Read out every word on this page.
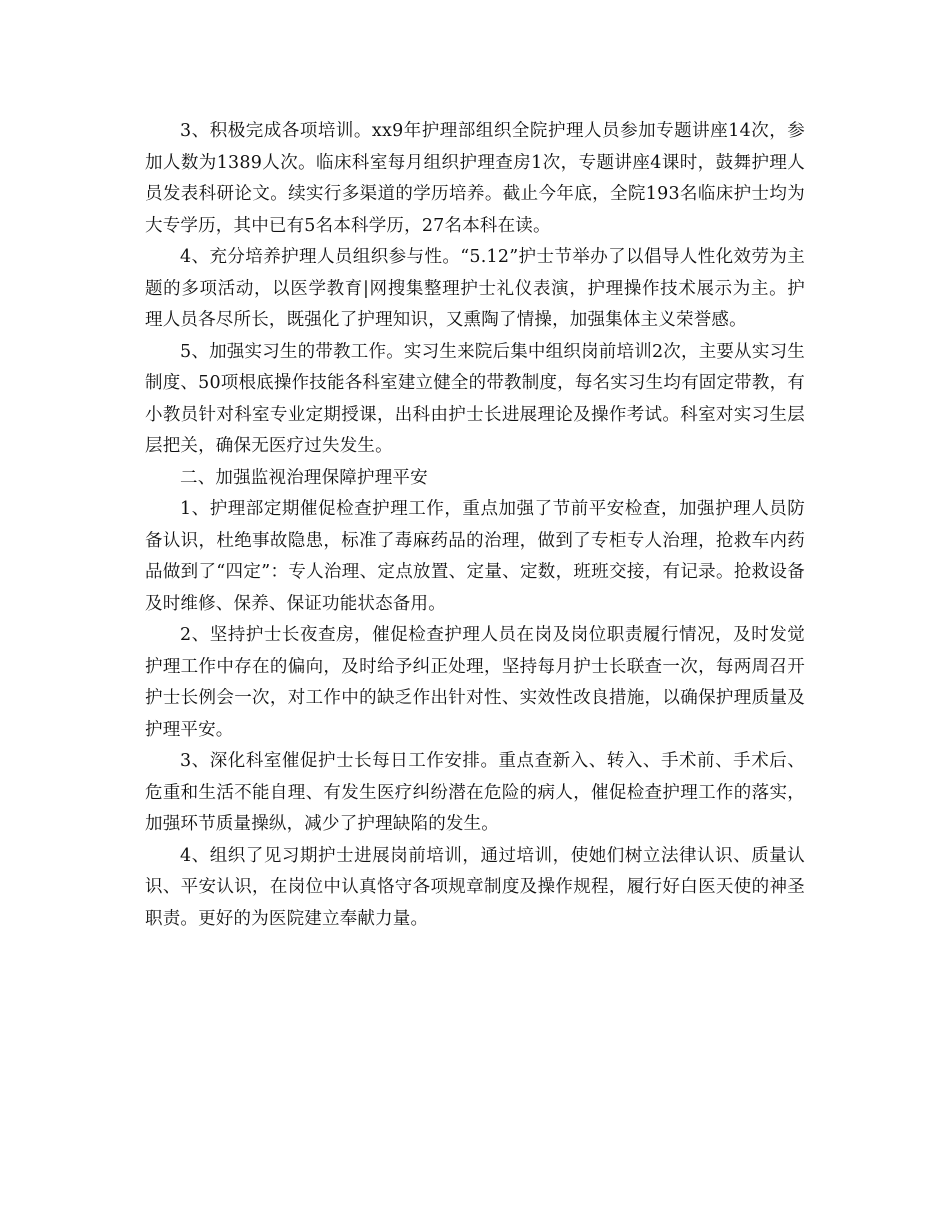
3、积极完成各项培训。xx9年护理部组织全院护理人员参加专题讲座14次，参加人数为1389人次。临床科室每月组织护理查房1次，专题讲座4课时，鼓舞护理人员发表科研论文。续实行多渠道的学历培养。截止今年底，全院193名临床护士均为大专学历，其中已有5名本科学历，27名本科在读。

4、充分培养护理人员组织参与性。“5.12”护士节举办了以倡导人性化效劳为主题的多项活动，以医学教育|网搜集整理护士礼仪表演，护理操作技术展示为主。护理人员各尽所长，既强化了护理知识，又熏陶了情操，加强集体主义荣誉感。

5、加强实习生的带教工作。实习生来院后集中组织岗前培训2次，主要从实习生制度、50项根底操作技能各科室建立健全的带教制度，每名实习生均有固定带教，有小教员针对科室专业定期授课，出科由护士长进展理论及操作考试。科室对实习生层层把关，确保无医疗过失发生。

二、加强监视治理保障护理平安

1、护理部定期催促检查护理工作，重点加强了节前平安检查，加强护理人员防备认识，杜绝事故隐患，标准了毒麻药品的治理，做到了专柜专人治理，抢救车内药品做到了“四定”：专人治理、定点放置、定量、定数，班班交接，有记录。抢救设备及时维修、保养、保证功能状态备用。

2、坚持护士长夜查房，催促检查护理人员在岗及岗位职责履行情况，及时发觉护理工作中存在的偏向，及时给予纠正处理，坚持每月护士长联查一次，每两周召开护士长例会一次，对工作中的缺乏作出针对性、实效性改良措施，以确保护理质量及护理平安。

3、深化科室催促护士长每日工作安排。重点查新入、转入、手术前、手术后、危重和生活不能自理、有发生医疗纠纷潜在危险的病人，催促检查护理工作的落实，加强环节质量操纵，减少了护理缺陷的发生。

4、组织了见习期护士进展岗前培训，通过培训，使她们树立法律认识、质量认识、平安认识，在岗位中认真恪守各项规章制度及操作规程，履行好白医天使的神圣职责。更好的为医院建立奉献力量。
